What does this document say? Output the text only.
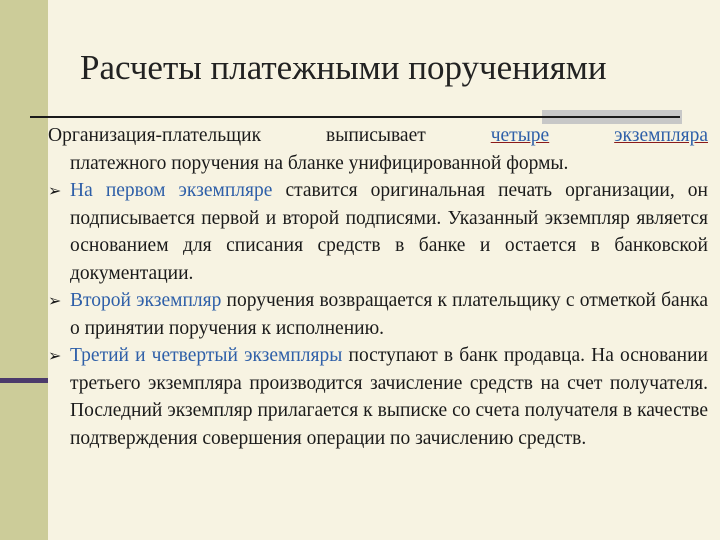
Расчеты платежными поручениями
Организация-плательщик	выписывает	четыре	экземпляра
платежного поручения на бланке унифицированной формы.
➢ На первом экземпляре ставится оригинальная печать организации, он подписывается первой и второй подписями. Указанный экземпляр является основанием для списания средств в банке и остается в банковской документации.
➢ Второй экземпляр поручения возвращается к плательщику с отметкой банка о принятии поручения к исполнению.
➢ Третий и четвертый экземпляры поступают в банк продавца. На основании третьего экземпляра производится зачисление средств на счет получателя. Последний экземпляр прилагается к выписке со счета получателя в качестве подтверждения совершения операции по зачислению средств.
